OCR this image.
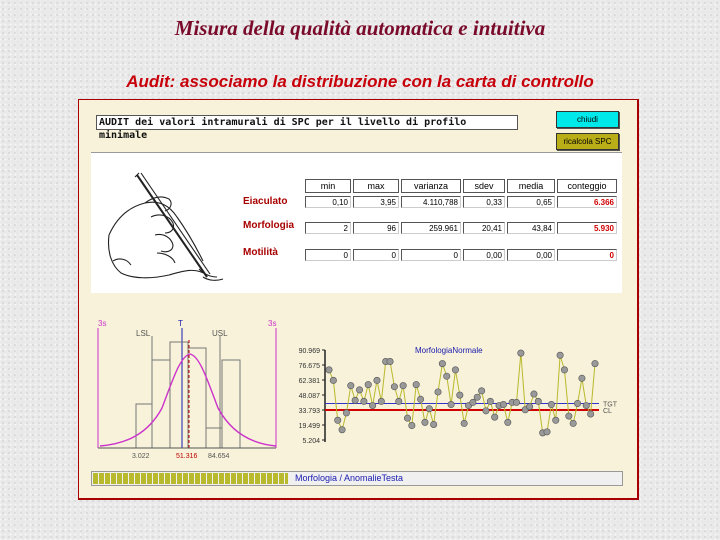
Misura della qualità automatica e intuitiva
Audit: associamo la distribuzione con la carta di controllo
AUDIT dei valori intramurali di SPC per il livello di profilo minimale
chiudi
ricalcola SPC
min	max	varianza	sdev	media	conteggio
Eiaculato	0,10	3,95	4.110,788	0,33	0,65	6.366
Morfologia	2	96	259.961	20,41	43,84	5.930
Motilità	0	0	0	0,00	0,00	0
3s	3s
T
LSL	USL
3.022	51.316 84.654
MorfologiaNormale
90.969
76.675
62.381
48.087
33.793
19.499
5.204
TGT
CL
Morfologia / AnomalieTesta
